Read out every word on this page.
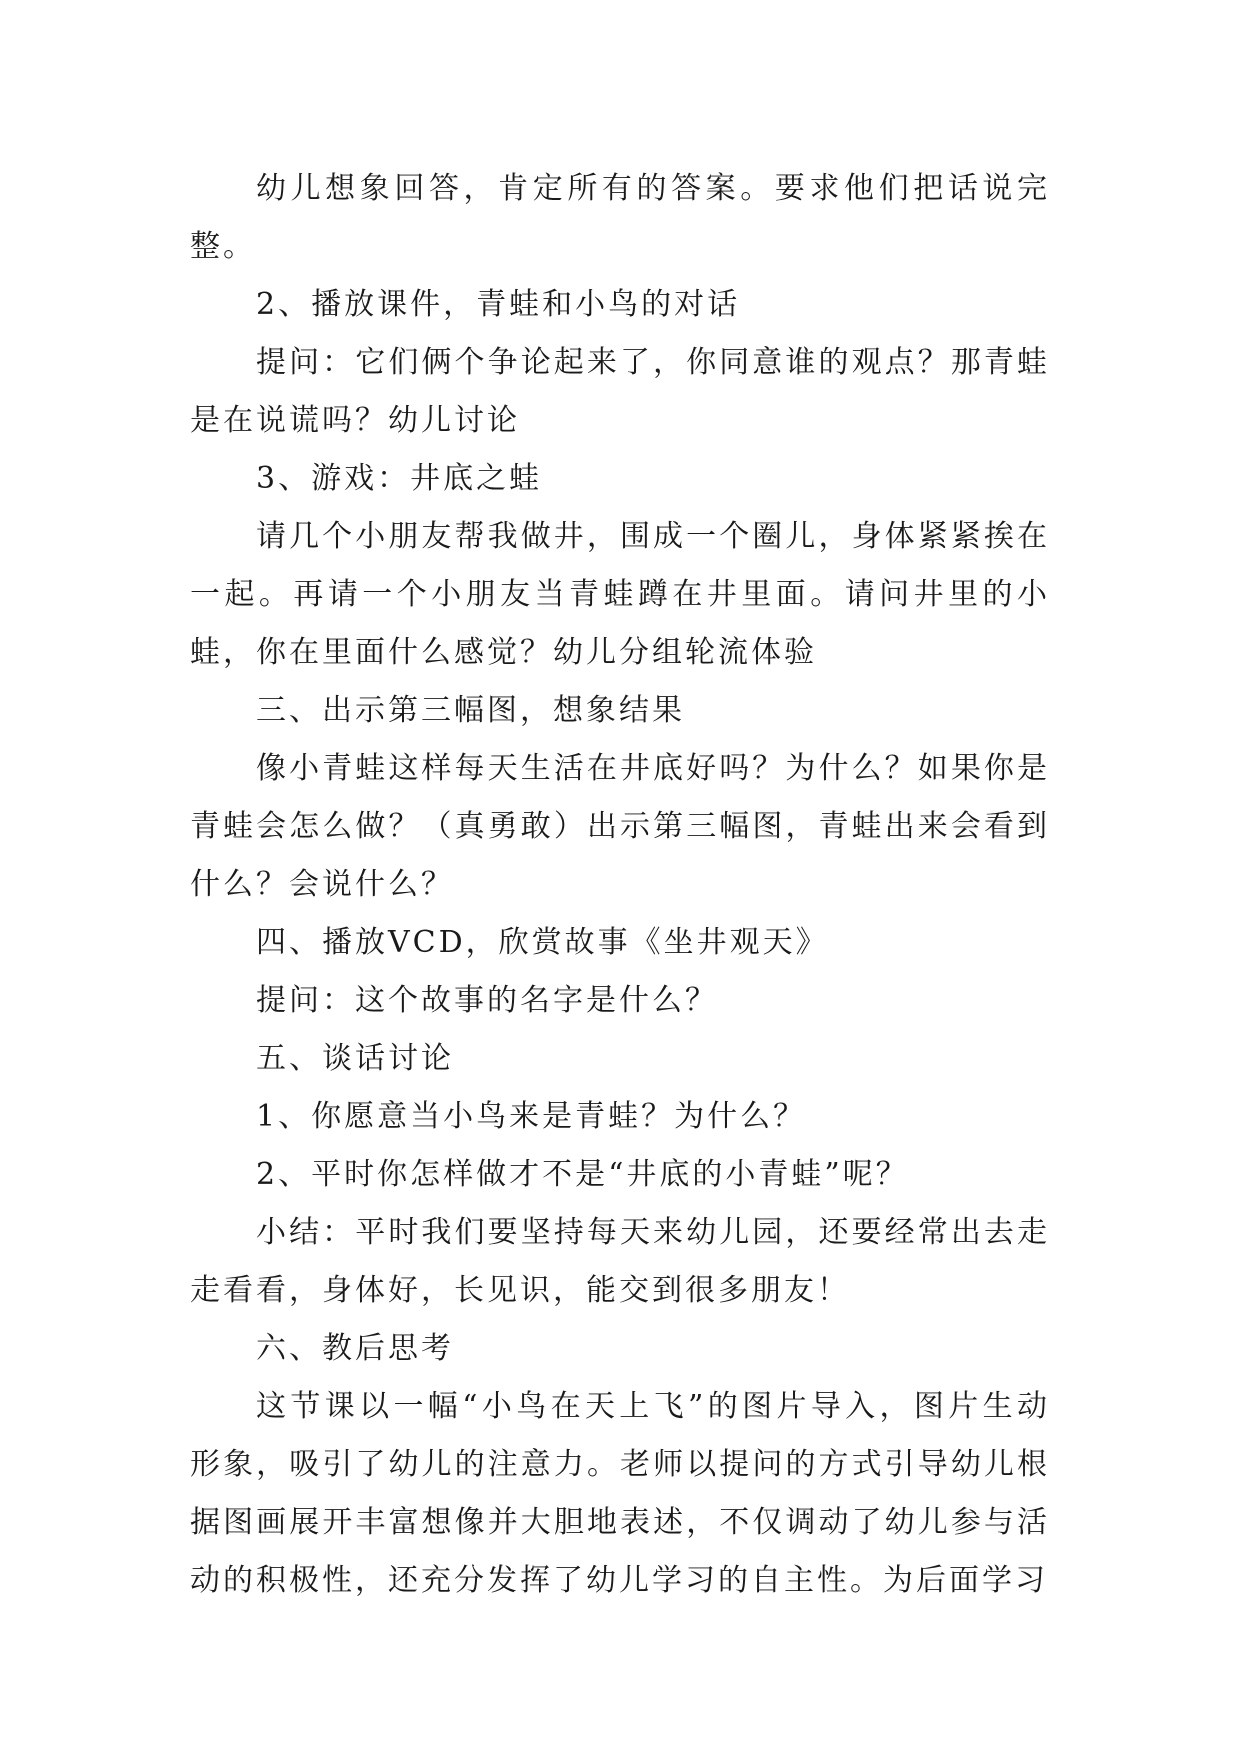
幼儿想象回答，肯定所有的答案。要求他们把话说完整。

2、播放课件，青蛙和小鸟的对话

提问：它们俩个争论起来了，你同意谁的观点？那青蛙是在说谎吗？幼儿讨论

3、游戏：井底之蛙

请几个小朋友帮我做井，围成一个圈儿，身体紧紧挨在一起。再请一个小朋友当青蛙蹲在井里面。请问井里的小蛙，你在里面什么感觉？幼儿分组轮流体验

三、出示第三幅图，想象结果

像小青蛙这样每天生活在井底好吗？为什么？如果你是青蛙会怎么做？（真勇敢）出示第三幅图，青蛙出来会看到什么？会说什么？

四、播放VCD，欣赏故事《坐井观天》

提问：这个故事的名字是什么？

五、谈话讨论

1、你愿意当小鸟来是青蛙？为什么？

2、平时你怎样做才不是“井底的小青蛙”呢？

小结：平时我们要坚持每天来幼儿园，还要经常出去走走看看，身体好，长见识，能交到很多朋友！

六、教后思考

这节课以一幅“小鸟在天上飞”的图片导入，图片生动形象，吸引了幼儿的注意力。老师以提问的方式引导幼儿根据图画展开丰富想像并大胆地表述，不仅调动了幼儿参与活动的积极性，还充分发挥了幼儿学习的自主性。为后面学习
